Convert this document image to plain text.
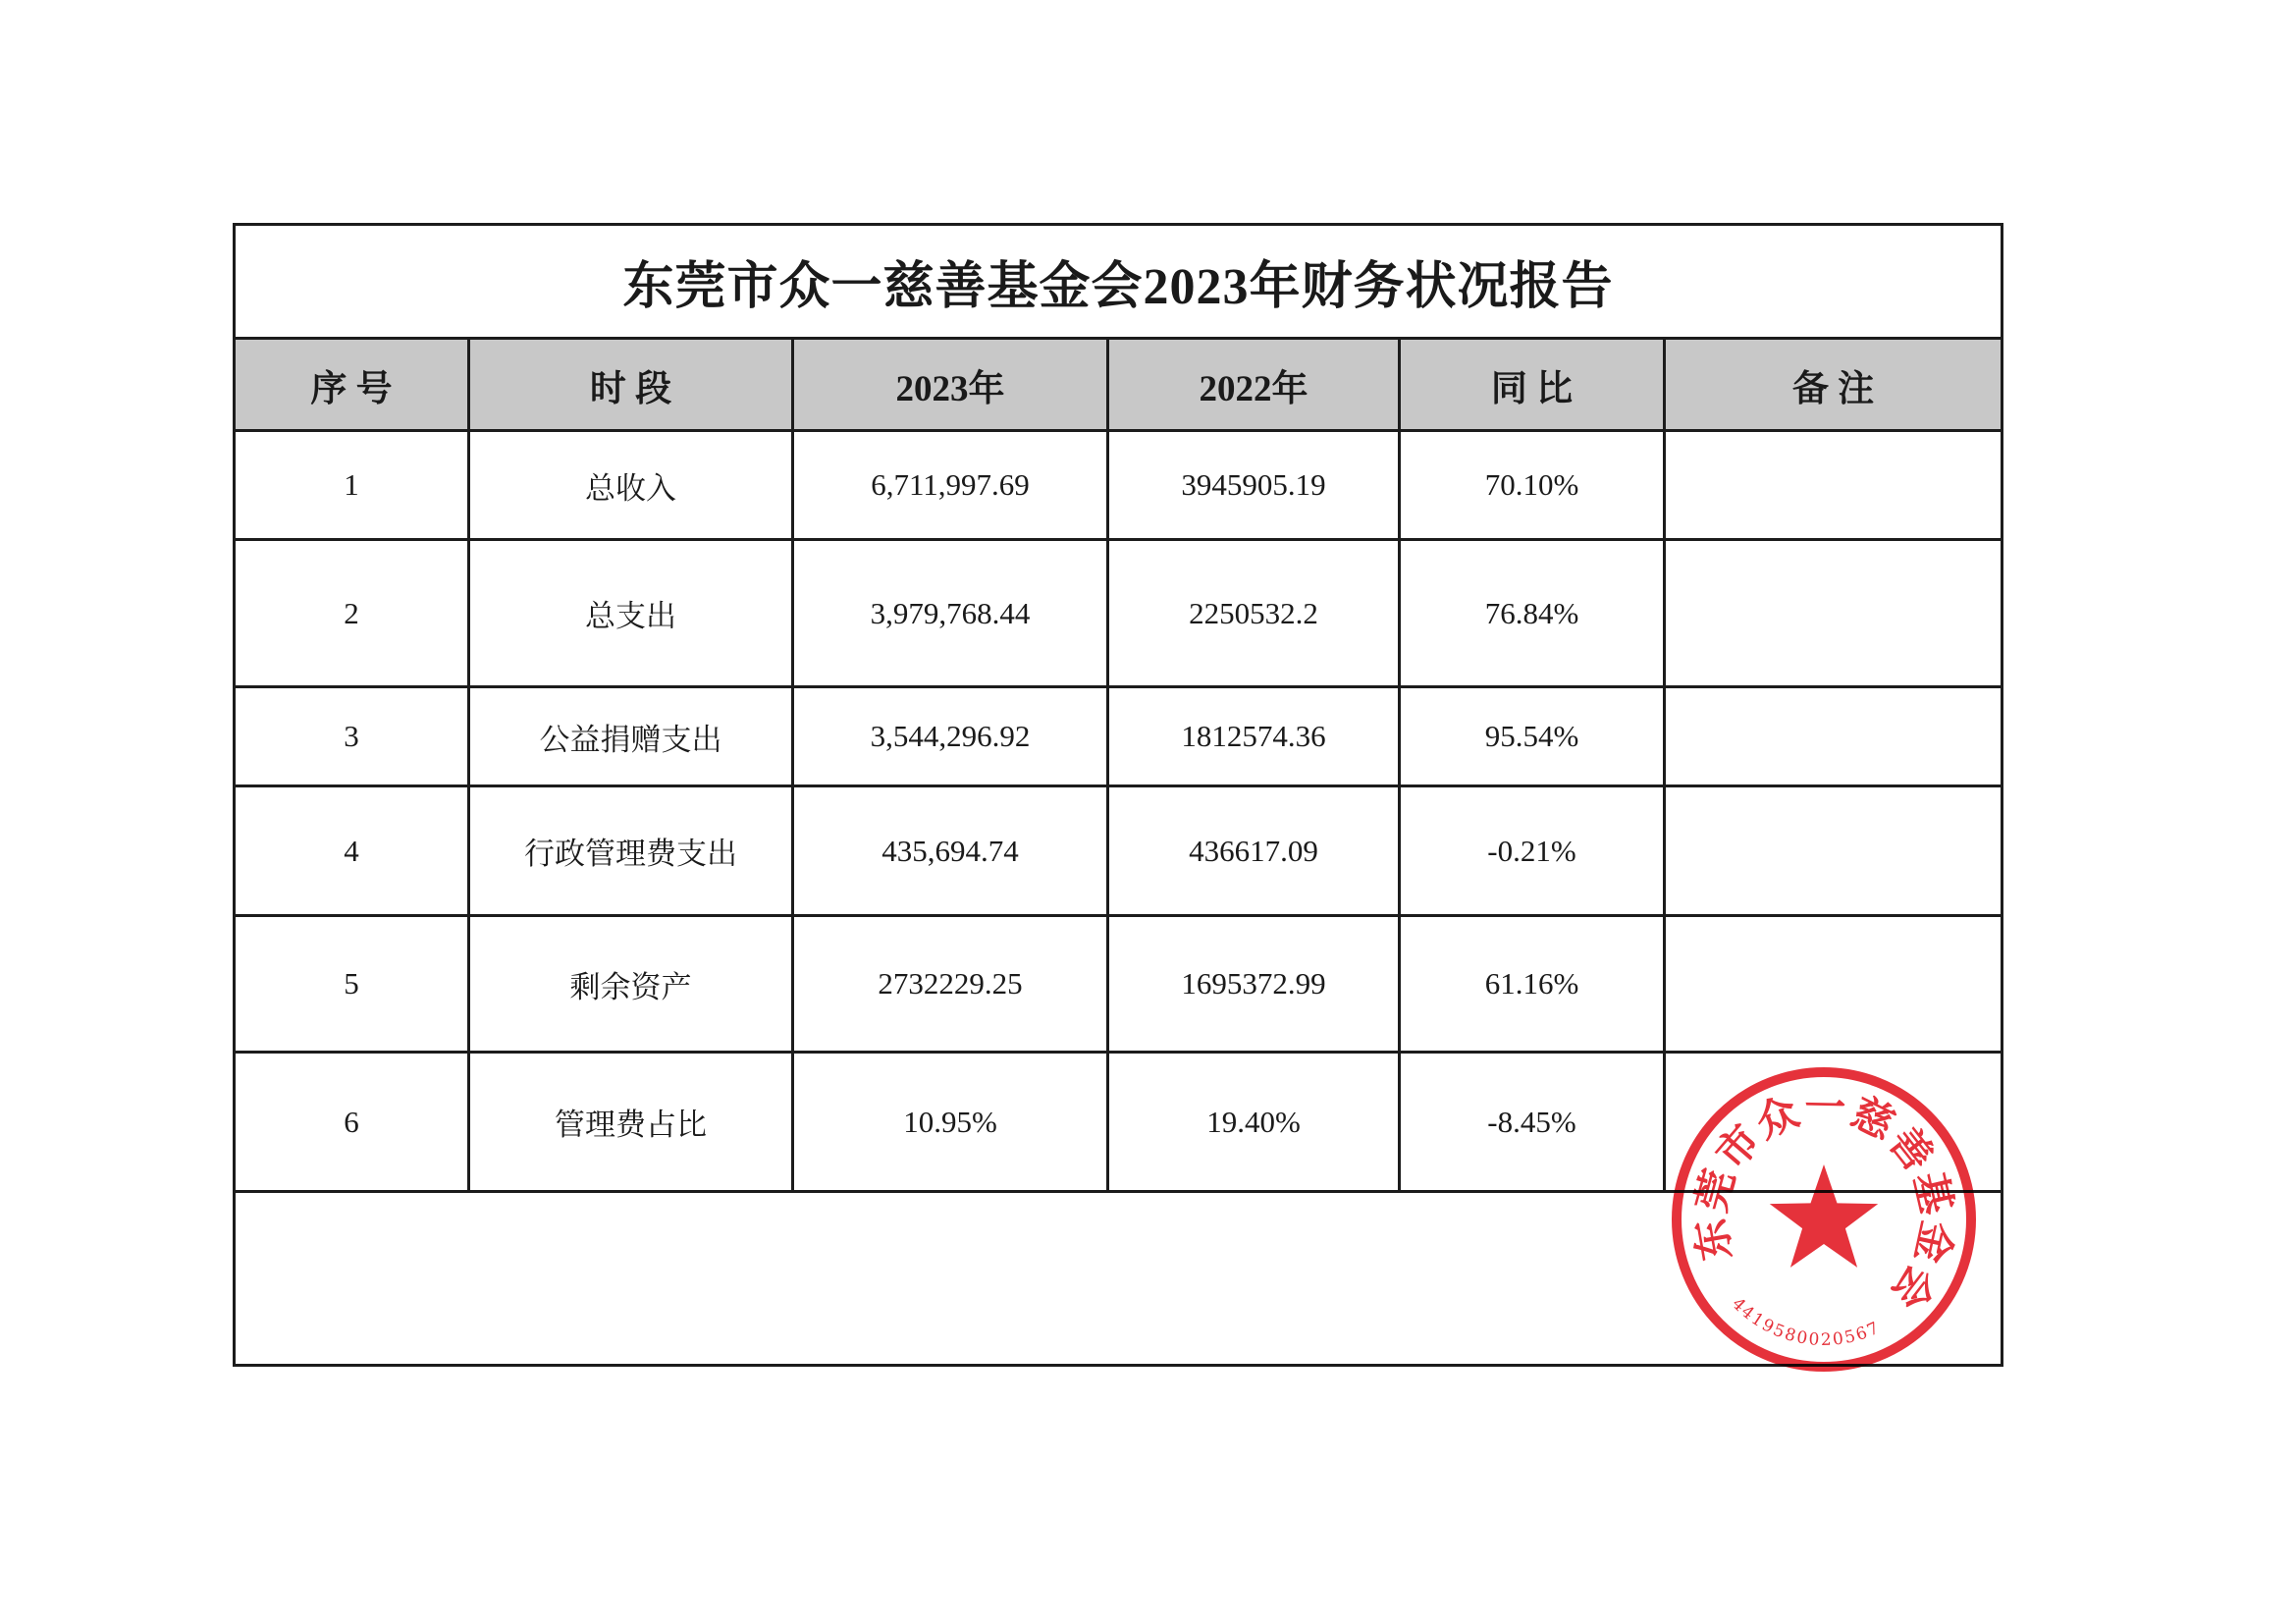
东莞市众一慈善基金会2023年财务状况报告					
序 号	时 段	2023年	2022年	同 比	备 注
1	总收入	6,711,997.69	3945905.19	70.10%	
2	总支出	3,979,768.44	2250532.2	76.84%	
3	公益捐赠支出	3,544,296.92	1812574.36	95.54%	
4	行政管理费支出	435,694.74	436617.09	-0.21%	
5	剩余资产	2732229.25	1695372.99	61.16%	
6	管理费占比	10.95%	19.40%	-8.45%	

东莞市众一慈善基金会
4419580020567
